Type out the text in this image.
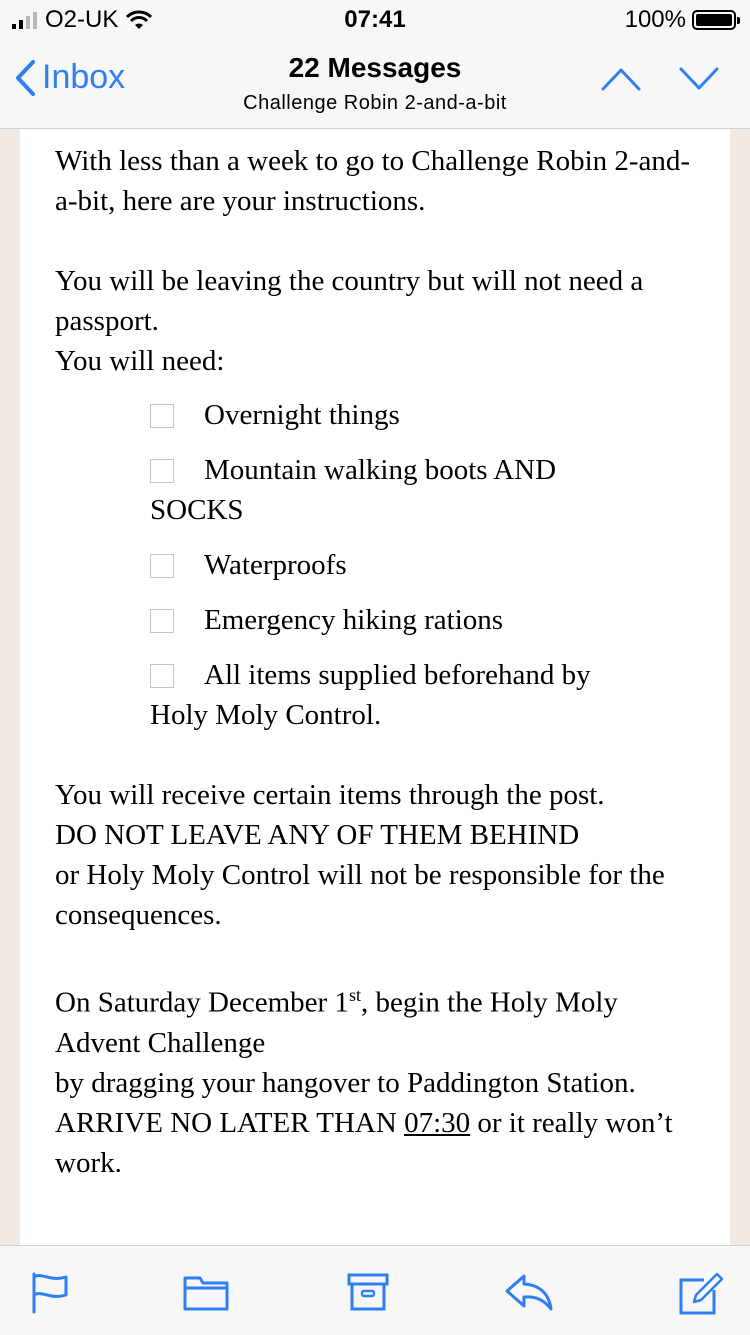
O2-UK	07:41	100%
Inbox	22 Messages
Challenge Robin 2-and-a-bit

With less than a week to go to Challenge Robin 2-and-a-bit, here are your instructions.

You will be leaving the country but will not need a passport.

You will need:

Overnight things
Mountain walking boots AND
SOCKS
Waterproofs
Emergency hiking rations
All items supplied beforehand by
Holy Moly Control.

You will receive certain items through the post.

DO NOT LEAVE ANY OF THEM BEHIND

or Holy Moly Control will not be responsible for the consequences.

On Saturday December 1st, begin the Holy Moly Advent Challenge

by dragging your hangover to Paddington Station.

ARRIVE NO LATER THAN 07:30 or it really won’t work.
